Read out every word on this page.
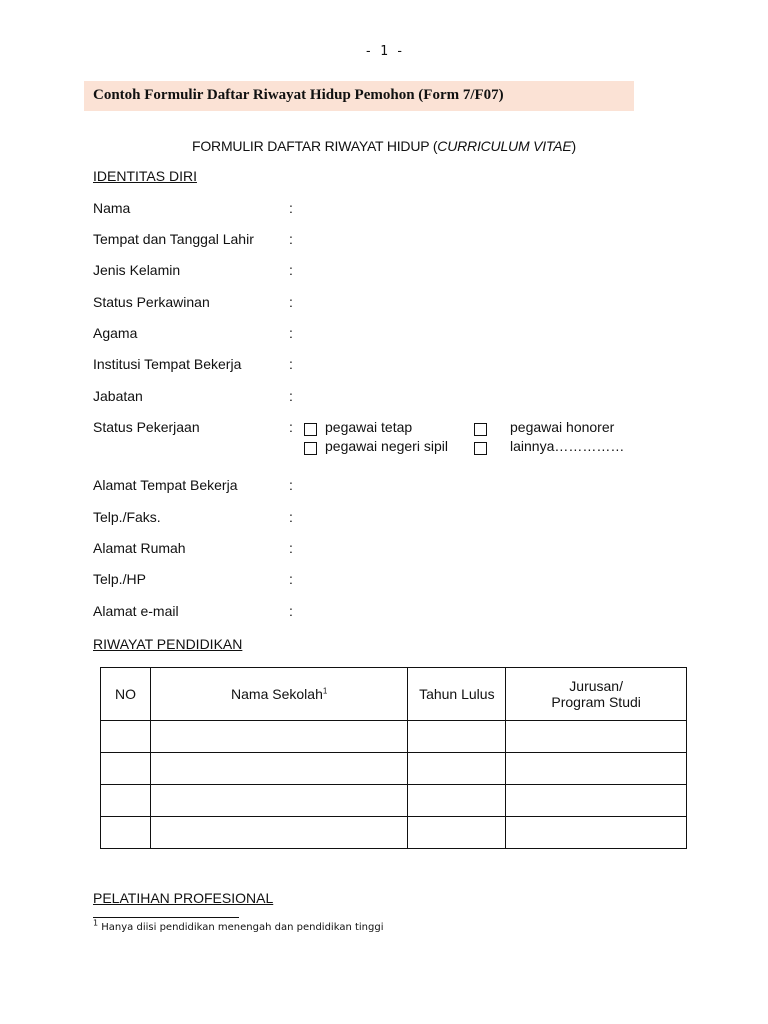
- 1 -
Contoh Formulir Daftar Riwayat Hidup Pemohon (Form 7/F07)
FORMULIR DAFTAR RIWAYAT HIDUP (CURRICULUM VITAE)
IDENTITAS DIRI
Nama	:
Tempat dan Tanggal Lahir	:
Jenis Kelamin	:
Status Perkawinan	:
Agama	:
Institusi Tempat Bekerja	:
Jabatan	:
Status Pekerjaan	: pegawai tetap	pegawai honorer
pegawai negeri sipil	lainnya……………
Alamat Tempat Bekerja	:
Telp./Faks.	:
Alamat Rumah	:
Telp./HP	:
Alamat e-mail	:
RIWAYAT PENDIDIKAN
NO	Nama Sekolah$^1$	Tahun Lulus	Jurusan/
Program Studi

PELATIHAN PROFESIONAL
$^1$ Hanya diisi pendidikan menengah dan pendidikan tinggi
